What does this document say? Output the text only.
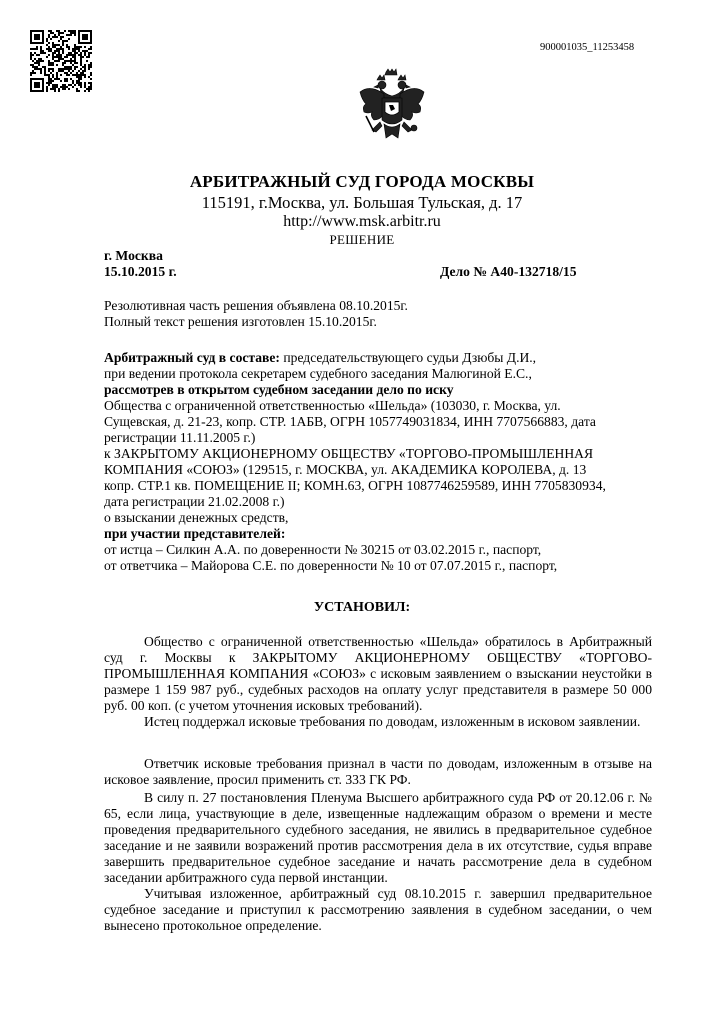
900001035_11253458
АРБИТРАЖНЫЙ СУД ГОРОДА МОСКВЫ
115191, г.Москва, ул. Большая Тульская, д. 17
http://www.msk.arbitr.ru
РЕШЕНИЕ
г. Москва
15.10.2015 г.	Дело № А40-132718/15
Резолютивная часть решения объявлена 08.10.2015г.
Полный текст решения изготовлен 15.10.2015г.
Арбитражный суд в составе: председательствующего судьи Дзюбы Д.И.,
при ведении протокола секретарем судебного заседания Малюгиной Е.С.,
рассмотрев в открытом судебном заседании дело по иску
Общества с ограниченной ответственностью «Шельда» (103030, г. Москва, ул.
Сущевская, д. 21-23, копр. СТР. 1АБВ, ОГРН 1057749031834, ИНН 7707566883, дата
регистрации 11.11.2005 г.)
к ЗАКРЫТОМУ АКЦИОНЕРНОМУ ОБЩЕСТВУ «ТОРГОВО-ПРОМЫШЛЕННАЯ
КОМПАНИЯ «СОЮЗ» (129515, г. МОСКВА, ул. АКАДЕМИКА КОРОЛЕВА, д. 13
копр. СТР.1 кв. ПОМЕЩЕНИЕ II; КОМН.63, ОГРН 1087746259589, ИНН 7705830934,
дата регистрации 21.02.2008 г.)
о взыскании денежных средств,
при участии представителей:
от истца – Силкин А.А. по доверенности № 30215 от 03.02.2015 г., паспорт,
от ответчика – Майорова С.Е. по доверенности № 10 от 07.07.2015 г., паспорт,
УСТАНОВИЛ:
Общество с ограниченной ответственностью «Шельда» обратилось в Арбитражный суд г. Москвы к ЗАКРЫТОМУ АКЦИОНЕРНОМУ ОБЩЕСТВУ «ТОРГОВО-ПРОМЫШЛЕННАЯ КОМПАНИЯ «СОЮЗ» с исковым заявлением о взыскании неустойки в размере 1 159 987 руб., судебных расходов на оплату услуг представителя в размере 50 000 руб. 00 коп. (с учетом уточнения исковых требований).
Истец поддержал исковые требования по доводам, изложенным в исковом заявлении.
Ответчик исковые требования признал в части по доводам, изложенным в отзыве на исковое заявление, просил применить ст. 333 ГК РФ.
В силу п. 27 постановления Пленума Высшего арбитражного суда РФ от 20.12.06 г. № 65, если лица, участвующие в деле, извещенные надлежащим образом о времени и месте проведения предварительного судебного заседания, не явились в предварительное судебное заседание и не заявили возражений против рассмотрения дела в их отсутствие, судья вправе завершить предварительное судебное заседание и начать рассмотрение дела в судебном заседании арбитражного суда первой инстанции.
Учитывая изложенное, арбитражный суд 08.10.2015 г. завершил предварительное судебное заседание и приступил к рассмотрению заявления в судебном заседании, о чем вынесено протокольное определение.
